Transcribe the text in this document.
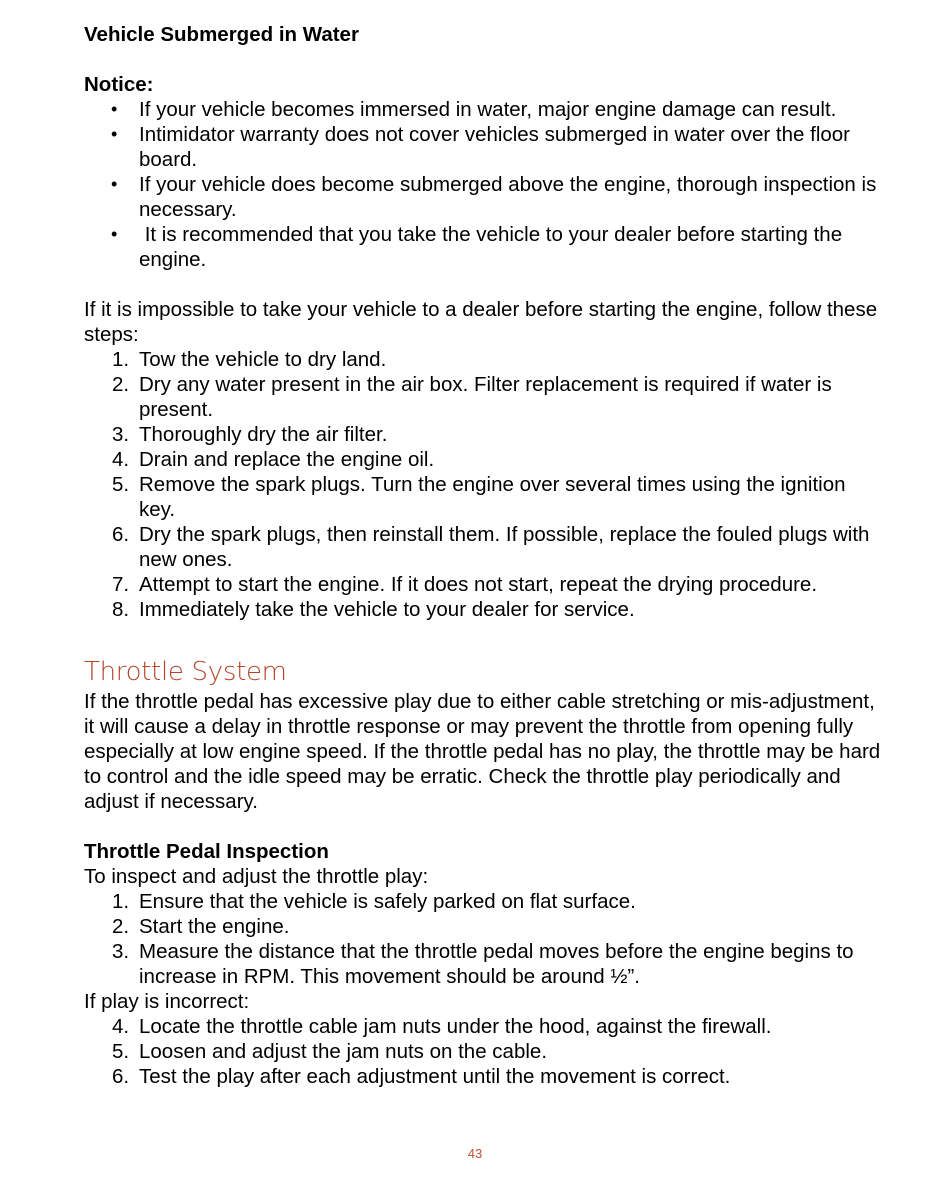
Vehicle Submerged in Water

Notice:

• If your vehicle becomes immersed in water, major engine damage can result.
• Intimidator warranty does not cover vehicles submerged in water over the floor board.
• If your vehicle does become submerged above the engine, thorough inspection is necessary.
•  It is recommended that you take the vehicle to your dealer before starting the engine.

If it is impossible to take your vehicle to a dealer before starting the engine, follow these steps:

1. Tow the vehicle to dry land.
2. Dry any water present in the air box. Filter replacement is required if water is present.
3. Thoroughly dry the air filter.
4. Drain and replace the engine oil.
5. Remove the spark plugs. Turn the engine over several times using the ignition key.
6. Dry the spark plugs, then reinstall them. If possible, replace the fouled plugs with new ones.
7. Attempt to start the engine. If it does not start, repeat the drying procedure.
8. Immediately take the vehicle to your dealer for service.
Throttle System

If the throttle pedal has excessive play due to either cable stretching or mis-adjustment, it will cause a delay in throttle response or may prevent the throttle from opening fully especially at low engine speed. If the throttle pedal has no play, the throttle may be hard to control and the idle speed may be erratic. Check the throttle play periodically and adjust if necessary.

Throttle Pedal Inspection

To inspect and adjust the throttle play:

1. Ensure that the vehicle is safely parked on flat surface.
2. Start the engine.
3. Measure the distance that the throttle pedal moves before the engine begins to increase in RPM. This movement should be around ½”.

If play is incorrect:

4. Locate the throttle cable jam nuts under the hood, against the firewall.
5. Loosen and adjust the jam nuts on the cable.
6. Test the play after each adjustment until the movement is correct.
43
